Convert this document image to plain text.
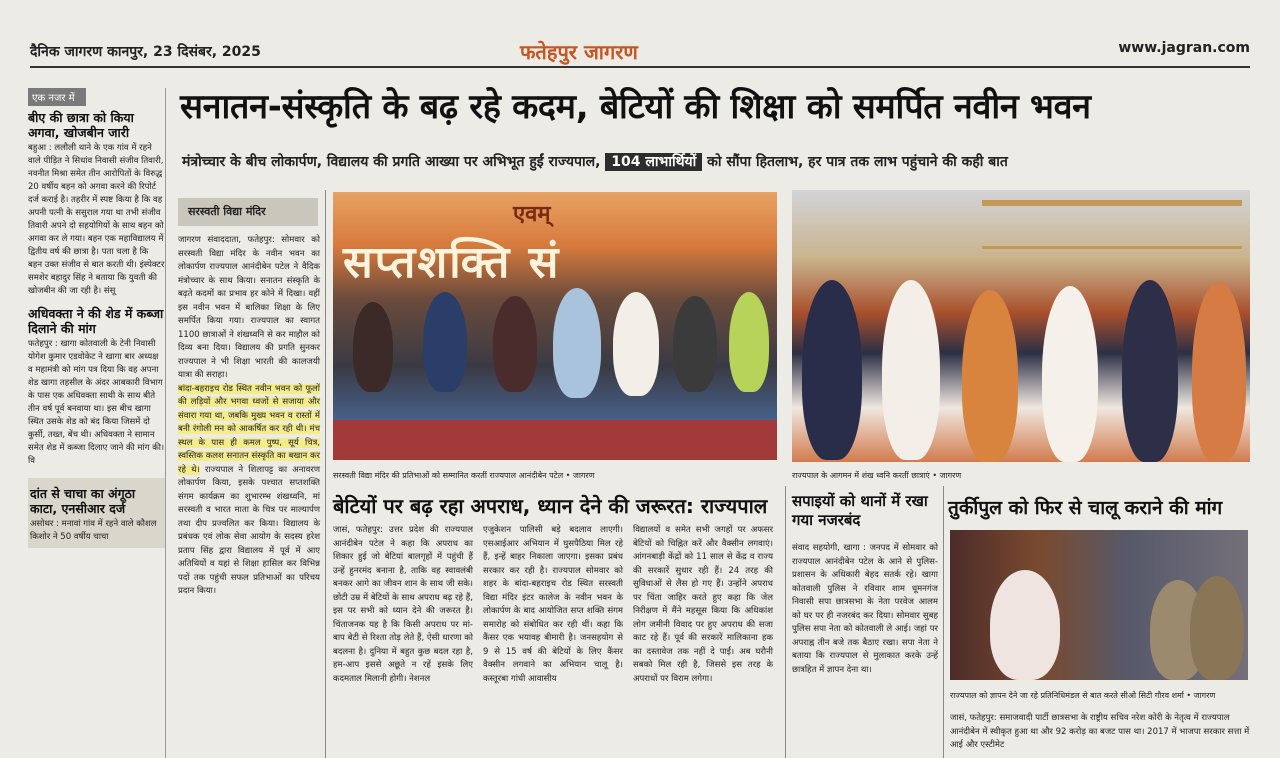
दैनिक जागरण कानपुर, 23 दिसंबर, 2025	फतेहपुर जागरण	www.jagran.com
एक नजर में
बीए की छात्रा को किया अगवा, खोजबीन जारी
बहुआ : ललौली थाने के एक गांव में रहने वाले पीड़ित ने सिधांव निवासी संजीव तिवारी, नवनीत मिश्रा समेत तीन आरोपितों के विरुद्ध 20 वर्षीय बहन को अगवा करने की रिपोर्ट दर्ज कराई है। तहरीर में स्पष्ट किया है कि वह अपनी पत्नी के ससुराल गया था तभी संजीव तिवारी अपने दो सहयोगियों के साथ बहन को अगवा कर ले गया। बहन एक महाविद्यालय में द्वितीय वर्ष की छात्रा है। पता चला है कि बहन उक्त संजीव से बात करती थी। इंस्पेक्टर समशेर बहादुर सिंह ने बताया कि युवती की खोजबीन की जा रही है। संसू
अधिवक्ता ने की शेड में कब्जा दिलाने की मांग
फतेहपुर : खागा कोतवाली के टेनी निवासी योगेश कुमार एडवोकेट ने खागा बार अध्यक्ष व महामंत्री को मांग पत्र दिया कि वह अपना शेड खागा तहसील के अंदर आबकारी विभाग के पास एक अधिवक्ता साथी के साथ बीते तीन वर्ष पूर्व बनवाया था। इस बीच खागा स्थित उसके शेड को बंद किया जिसमें दो कुर्सी, तख्त, बेंच थी। अधिवक्ता ने सामान समेत शेड में कब्जा दिलाए जाने की मांग की। वि
दांत से चाचा का अंगूठा काटा, एनसीआर दर्ज
असोथर : मनावां गांव में रहने वाले कौशल किशोर ने 50 वर्षीय चाचा
सनातन-संस्कृति के बढ़ रहे कदम, बेटियों की शिक्षा को समर्पित नवीन भवन
मंत्रोच्चार के बीच लोकार्पण, विद्यालय की प्रगति आख्या पर अभिभूत हुईं राज्यपाल, 104 लाभार्थियों को सौंपा हितलाभ, हर पात्र तक लाभ पहुंचाने की कही बात
सरस्वती विद्या मंदिर
जागरण संवाददाता, फतेहपुर: सोमवार को सरस्वती विद्या मंदिर के नवीन भवन का लोकार्पण राज्यपाल आनंदीबेन पटेल ने वैदिक मंत्रोच्चार के साथ किया। सनातन संस्कृति के बढ़ते कदमों का प्रभाव हर कोने में दिखा। वहीं इस नवीन भवन में बालिका शिक्षा के लिए समर्पित किया गया। राज्यपाल का स्वागत 1100 छात्राओं ने शंखध्वनि से कर माहौल को दिव्य बना दिया। विद्यालय की प्रगति सुनकर राज्यपाल ने भी शिक्षा भारती की कालजयी यात्रा की सराहा।
बांदा-बहराइच रोड स्थित नवीन भवन को फूलों की लड़ियों और भगवा ध्वजों से सजाया और संवारा गया था, जबकि मुख्य भवन व रास्तों में बनी रंगोली मन को आकर्षित कर रही थी। मंच स्थल के पास ही कमल पुष्प, सूर्य चित्र, स्वस्तिक कलश सनातन संस्कृति का बखान कर रहे थे। राज्यपाल ने शिलापट्ट का अनावरण लोकार्पण किया, इसके पश्चात सप्तशक्ति संगम कार्यक्रम का शुभारम्भ शंखध्वनि, मां सरस्वती व भारत माता के चित्र पर माल्यार्पण तथा दीप प्रज्वलित कर किया। विद्यालय के प्रबंधक एवं लोक सेवा आयोग के सदस्य हरेश प्रताप सिंह द्वारा विद्यालय में पूर्व में आए अतिथियों व यहां से शिक्षा हासिल कर विभिन्न पदों तक पहुंची सफल प्रतिभाओं का परिचय प्रदान किया।
एवम्
सप्तशक्ति सं
सरस्वती विद्या मंदिर की प्रतिभाओं को सम्मानित करतीं राज्यपाल आनंदीबेन पटेल • जागरण	राज्यपाल के आगमन में शंख ध्वनि करतीं छात्राएं • जागरण
बेटियों पर बढ़ रहा अपराध, ध्यान देने की जरूरत: राज्यपाल
जासं, फतेहपुर: उत्तर प्रदेश की राज्यपाल आनंदीबेन पटेल ने कहा कि अपराध का शिकार हुई जो बेटियां बालगृहों में पहुंची हैं उन्हें हुनरमंद बनाना है, ताकि वह स्वावलंबी बनकर आगे का जीवन शान के साथ जी सके। छोटी उम्र में बेटियों के साथ अपराध बढ़ रहे हैं, इस पर सभी को ध्यान देने की जरूरत है। चिंताजनक यह है कि किसी अपराध पर मां-बाप बेटी से रिश्ता तोड़ लेते हैं, ऐसी धारणा को बदलना है। दुनिया में बहुत कुछ बदल रहा है, हम-आप इससे अछूते न रहें इसके लिए कदमताल मिलानी होगी। नेशनल
एजुकेशन पालिसी बड़े बदलाव लाएगी। एसआईआर अभियान में घुसपैठिया मिल रहे हैं, इन्हें बाहर निकाला जाएगा। इसका प्रबंध सरकार कर रही है। राज्यपाल सोमवार को शहर के बांदा-बहराइच रोड स्थित सरस्वती विद्या मंदिर इंटर कालेज के नवीन भवन के लोकार्पण के बाद आयोजित सप्त शक्ति संगम समारोह को संबोधित कर रही थीं। कहा कि कैंसर एक भयावह बीमारी है। जनसहयोग से 9 से 15 वर्ष की बेटियों के लिए कैंसर वैक्सीन लगवाने का अभियान चालू है। कस्तूरबा गांधी आवासीय
विद्यालयों व समेत सभी जगहों पर अफसर बेटियों को चिह्नित करें और वैक्सीन लगवाएं। आंगनबाड़ी केंद्रों को 11 साल से केंद्र व राज्य की सरकारें सुधार रही हैं। 24 तरह की सुविधाओं से लैस हो गए हैं। उन्होंने अपराध पर चिंता जाहिर करते हुए कहा कि जेल निरीक्षण में मैंने महसूस किया कि अधिकांश लोग जमीनी विवाद पर हुए अपराध की सजा काट रहे हैं। पूर्व की सरकारें मालिकाना हक का दस्तावेज तक नहीं दे पाईं। अब घरौनी सबको मिल रही है, जिससे इस तरह के अपराधों पर विराम लगेगा।
सपाइयों को थानों में रखा गया नजरबंद
संवाद सहयोगी, खागा : जनपद में सोमवार को राज्यपाल आनंदीबेन पटेल के आने से पुलिस-प्रशासन के अधिकारी बेहद सतर्क रहे। खागा कोतवाली पुलिस ने रविवार शाम धूमनगंज निवासी सपा छात्रसभा के नेता परवेज आलम को घर पर ही नजरबंद कर दिया। सोमवार सुबह पुलिस सपा नेता को कोतवाली ले आई। जहां पर अपराह्न तीन बजे तक बैठाए रखा। सपा नेता ने बताया कि राज्यपाल से मुलाकात करके उन्हें छात्रहित में ज्ञापन देना था।
तुर्कीपुल को फिर से चालू कराने की मांग
राज्यपाल को ज्ञापन देने जा रहे प्रतिनिधिमंडल से बात करते सीओ सिटी गौरव शर्मा • जागरण
जासं, फतेहपुर: समाजवादी पार्टी छात्रसभा के राष्ट्रीय सचिव नरेश कोरी के नेतृत्व में राज्यपाल आनंदीबेन में स्वीकृत हुआ था और 92 करोड़ का बजट पास था। 2017 में भाजपा सरकार सत्ता में आई और एस्टीमेट
